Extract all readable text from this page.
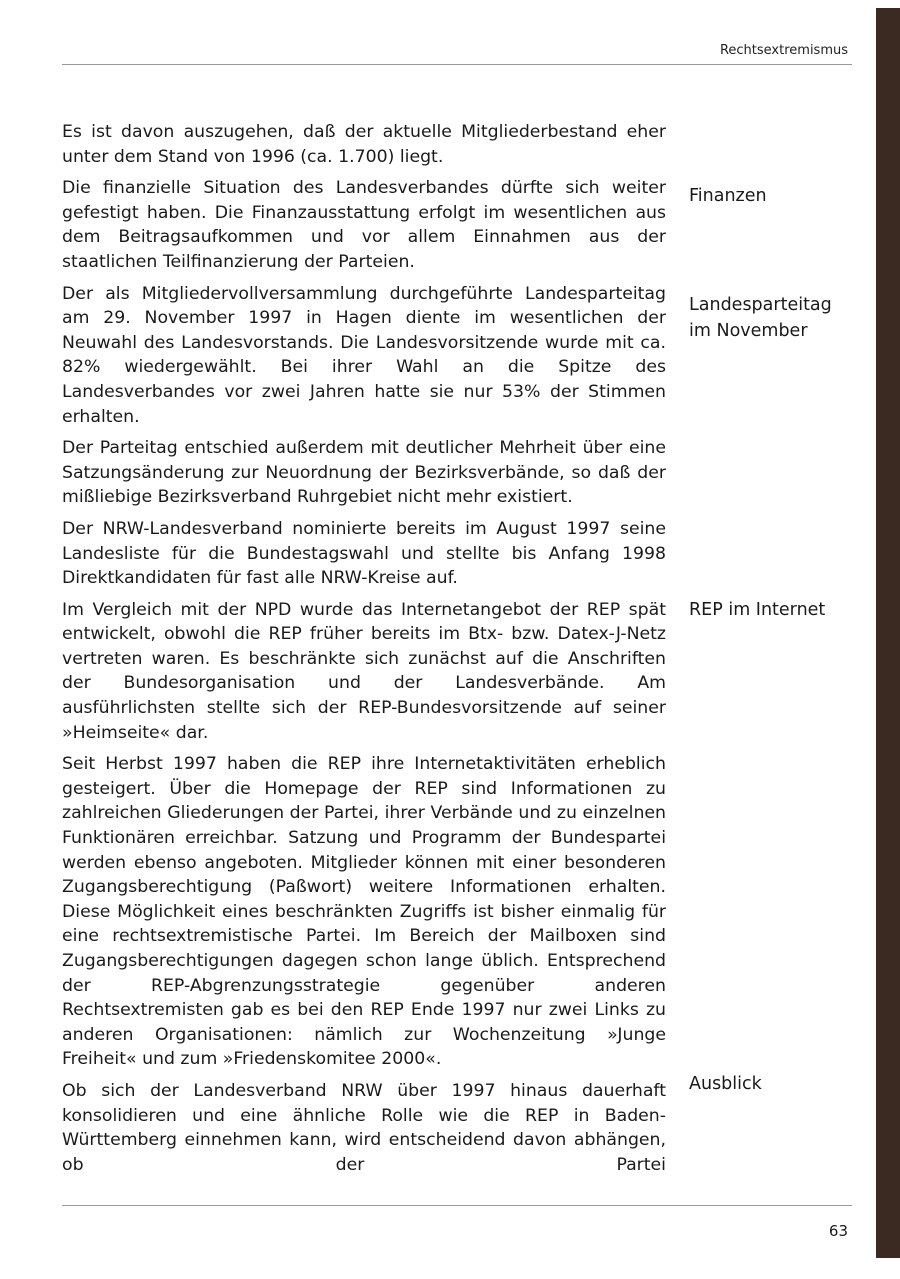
Rechtsextremismus

Es ist davon auszugehen, daß der aktuelle Mitgliederbestand eher unter dem Stand von 1996 (ca. 1.700) liegt.

Die finanzielle Situation des Landesverbandes dürfte sich weiter gefestigt haben. Die Finanzausstattung erfolgt im wesentlichen aus dem Beitragsaufkommen und vor allem Einnahmen aus der staatlichen Teilfinanzierung der Parteien.

Der als Mitgliedervollversammlung durchgeführte Landesparteitag am 29. November 1997 in Hagen diente im wesentlichen der Neuwahl des Landesvorstands. Die Landesvorsitzende wurde mit ca. 82% wiedergewählt. Bei ihrer Wahl an die Spitze des Landesverbandes vor zwei Jahren hatte sie nur 53% der Stimmen erhalten.

Der Parteitag entschied außerdem mit deutlicher Mehrheit über eine Satzungsänderung zur Neuordnung der Bezirksverbände, so daß der mißliebige Bezirksverband Ruhrgebiet nicht mehr existiert.

Der NRW-Landesverband nominierte bereits im August 1997 seine Landesliste für die Bundestagswahl und stellte bis Anfang 1998 Direktkandidaten für fast alle NRW-Kreise auf.

Im Vergleich mit der NPD wurde das Internetangebot der REP spät entwickelt, obwohl die REP früher bereits im Btx- bzw. Datex-J-Netz vertreten waren. Es beschränkte sich zunächst auf die Anschriften der Bundesorganisation und der Landesverbände. Am ausführlichsten stellte sich der REP-Bundesvorsitzende auf seiner »Heimseite« dar.

Seit Herbst 1997 haben die REP ihre Internetaktivitäten erheblich gesteigert. Über die Homepage der REP sind Informationen zu zahlreichen Gliederungen der Partei, ihrer Verbände und zu einzelnen Funktionären erreichbar. Satzung und Programm der Bundespartei werden ebenso angeboten. Mitglieder können mit einer besonderen Zugangsberechtigung (Paßwort) weitere Informationen erhalten. Diese Möglichkeit eines beschränkten Zugriffs ist bisher einmalig für eine rechtsextremistische Partei. Im Bereich der Mailboxen sind Zugangsberechtigungen dagegen schon lange üblich. Entsprechend der REP-Abgrenzungsstrategie gegenüber anderen Rechtsextremisten gab es bei den REP Ende 1997 nur zwei Links zu anderen Organisationen: nämlich zur Wochenzeitung »Junge Freiheit« und zum »Friedenskomitee 2000«.

Ob sich der Landesverband NRW über 1997 hinaus dauerhaft konsolidieren und eine ähnliche Rolle wie die REP in Baden-Württemberg einnehmen kann, wird entscheidend davon abhängen, ob der Partei

Finanzen
Landesparteitag
im November
REP im Internet
Ausblick
63
